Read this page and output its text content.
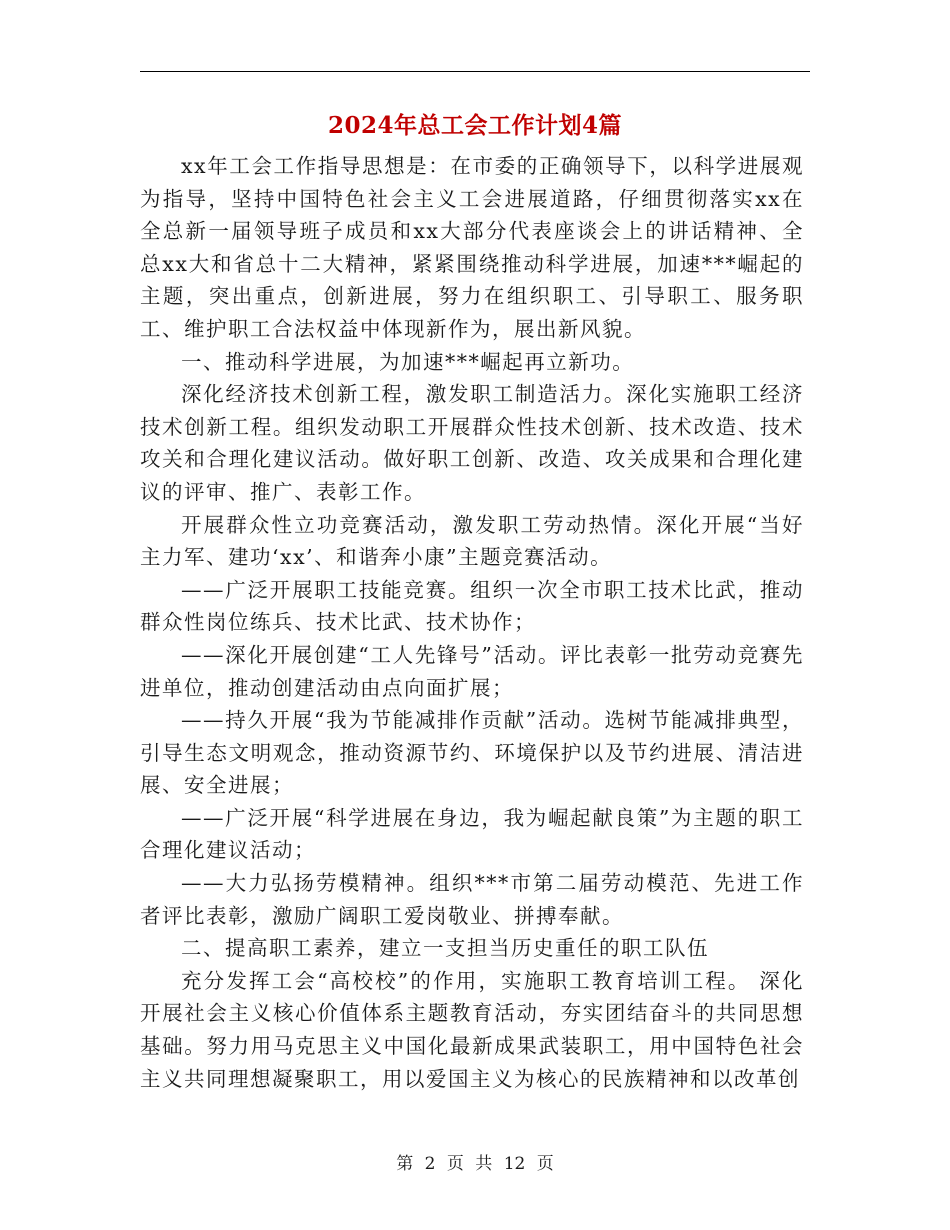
2024年总工会工作计划4篇

xx年工会工作指导思想是：在市委的正确领导下，以科学进展观为指导，坚持中国特色社会主义工会进展道路，仔细贯彻落实xx在全总新一届领导班子成员和xx大部分代表座谈会上的讲话精神、全总xx大和省总十二大精神，紧紧围绕推动科学进展，加速***崛起的主题，突出重点，创新进展，努力在组织职工、引导职工、服务职工、维护职工合法权益中体现新作为，展出新风貌。

一、推动科学进展，为加速***崛起再立新功。

深化经济技术创新工程，激发职工制造活力。深化实施职工经济技术创新工程。组织发动职工开展群众性技术创新、技术改造、技术攻关和合理化建议活动。做好职工创新、改造、攻关成果和合理化建议的评审、推广、表彰工作。

开展群众性立功竞赛活动，激发职工劳动热情。深化开展“当好主力军、建功‘xx’、和谐奔小康”主题竞赛活动。

——广泛开展职工技能竞赛。组织一次全市职工技术比武，推动群众性岗位练兵、技术比武、技术协作；

——深化开展创建“工人先锋号”活动。评比表彰一批劳动竞赛先进单位，推动创建活动由点向面扩展；

——持久开展“我为节能减排作贡献”活动。选树节能减排典型，引导生态文明观念，推动资源节约、环境保护以及节约进展、清洁进展、安全进展；

——广泛开展“科学进展在身边，我为崛起献良策”为主题的职工合理化建议活动；

——大力弘扬劳模精神。组织***市第二届劳动模范、先进工作者评比表彰，激励广阔职工爱岗敬业、拼搏奉献。

二、提高职工素养，建立一支担当历史重任的职工队伍

充分发挥工会“高校校”的作用，实施职工教育培训工程。 深化开展社会主义核心价值体系主题教育活动，夯实团结奋斗的共同思想基础。努力用马克思主义中国化最新成果武装职工，用中国特色社会主义共同理想凝聚职工，用以爱国主义为核心的民族精神和以改革创

第 2 页 共 12 页
